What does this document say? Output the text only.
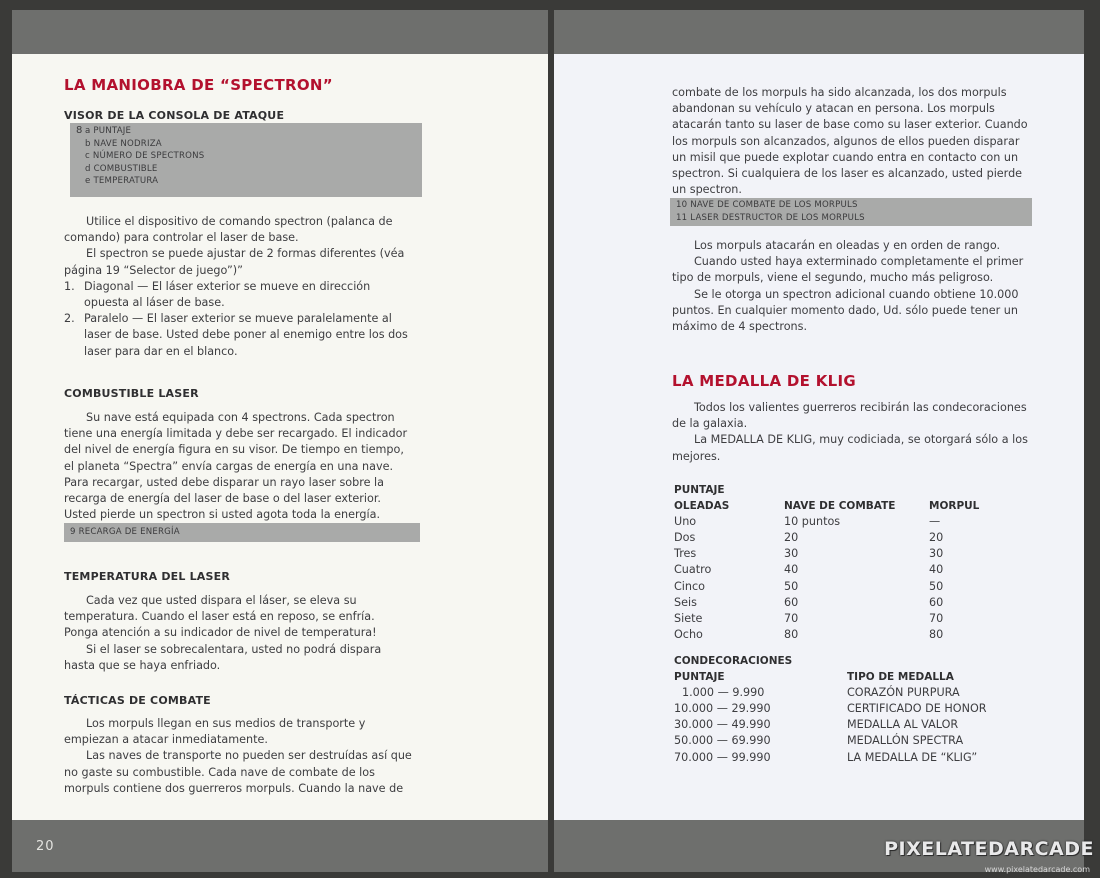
20
LA MANIOBRA DE “SPECTRON”
VISOR DE LA CONSOLA DE ATAQUE
8 a PUNTAJE
b NAVE NODRIZA
c NÚMERO DE SPECTRONS
d COMBUSTIBLE
e TEMPERATURA

Utilice el dispositivo de comando spectron (palanca de comando) para controlar el laser de base.

El spectron se puede ajustar de 2 formas diferentes (véa página 19 “Selector de juego”)”

1. Diagonal — El láser exterior se mueve en dirección opuesta al láser de base.
2. Paralelo — El laser exterior se mueve paralelamente al laser de base. Usted debe poner al enemigo entre los dos laser para dar en el blanco.
COMBUSTIBLE LASER

Su nave está equipada con 4 spectrons. Cada spectron tiene una energía limitada y debe ser recargado. El indicador del nivel de energía figura en su visor. De tiempo en tiempo, el planeta “Spectra” envía cargas de energía en una nave. Para recargar, usted debe disparar un rayo laser sobre la recarga de energía del laser de base o del laser exterior. Usted pierde un spectron si usted agota toda la energía.

9 RECARGA DE ENERGÍA
TEMPERATURA DEL LASER

Cada vez que usted dispara el láser, se eleva su temperatura. Cuando el laser está en reposo, se enfría. Ponga atención a su indicador de nivel de temperatura!

Si el laser se sobrecalentara, usted no podrá dispara hasta que se haya enfriado.

TÁCTICAS DE COMBATE

Los morpuls llegan en sus medios de transporte y empiezan a atacar inmediatamente.

Las naves de transporte no pueden ser destruídas así que no gaste su combustible. Cada nave de combate de los morpuls contiene dos guerreros morpuls. Cuando la nave de

combate de los morpuls ha sido alcanzada, los dos morpuls abandonan su vehículo y atacan en persona. Los morpuls atacarán tanto su laser de base como su laser exterior. Cuando los morpuls son alcanzados, algunos de ellos pueden disparar un misil que puede explotar cuando entra en contacto con un spectron. Si cualquiera de los laser es alcanzado, usted pierde un spectron.

10 NAVE DE COMBATE DE LOS MORPULS
11 LASER DESTRUCTOR DE LOS MORPULS

Los morpuls atacarán en oleadas y en orden de rango.

Cuando usted haya exterminado completamente el primer tipo de morpuls, viene el segundo, mucho más peligroso.

Se le otorga un spectron adicional cuando obtiene 10.000 puntos. En cualquier momento dado, Ud. sólo puede tener un máximo de 4 spectrons.

LA MEDALLA DE KLIG

Todos los valientes guerreros recibirán las condecoraciones de la galaxia.

La MEDALLA DE KLIG, muy codiciada, se otorgará sólo a los mejores.

PUNTAJE
OLEADAS	NAVE DE COMBATE	MORPUL
Uno	10 puntos	—
Dos	20	20
Tres	30	30
Cuatro	40	40
Cinco	50	50
Seis	60	60
Siete	70	70
Ocho	80	80
CONDECORACIONES
PUNTAJE	TIPO DE MEDALLA
1.000 — 9.990	CORAZÓN PURPURA
10.000 — 29.990	CERTIFICADO DE HONOR
30.000 — 49.990	MEDALLA AL VALOR
50.000 — 69.990	MEDALLÓN SPECTRA
70.000 — 99.990	LA MEDALLA DE “KLIG”
PIXELATEDARCADE
www.pixelatedarcade.com
